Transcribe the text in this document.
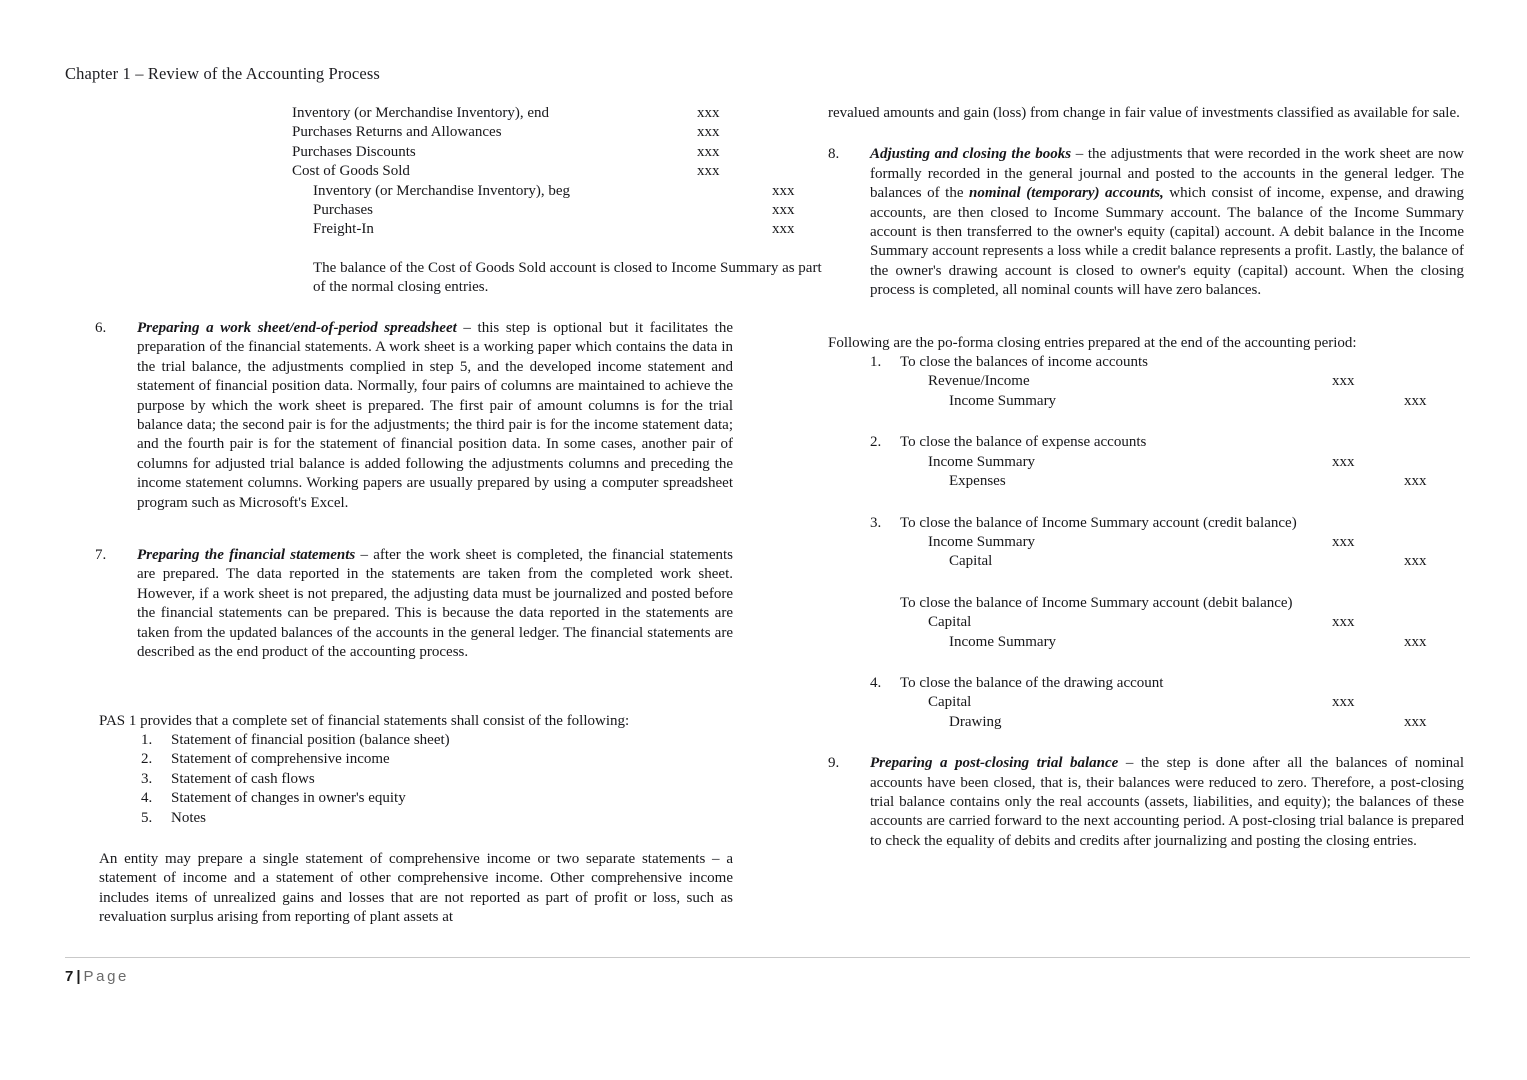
Chapter 1 – Review of the Accounting Process
Inventory (or Merchandise Inventory), end	xxx	
Purchases Returns and Allowances	xxx	
Purchases Discounts	xxx	
Cost of Goods Sold	xxx	
Inventory (or Merchandise Inventory), beg		xxx
Purchases		xxx
Freight-In		xxx
The balance of the Cost of Goods Sold account is closed to Income Summary as part of the normal closing entries.
6.	Preparing a work sheet/end-of-period spreadsheet – this step is optional but it facilitates the preparation of the financial statements. A work sheet is a working paper which contains the data in the trial balance, the adjustments complied in step 5, and the developed income statement and statement of financial position data. Normally, four pairs of columns are maintained to achieve the purpose by which the work sheet is prepared. The first pair of amount columns is for the trial balance data; the second pair is for the adjustments; the third pair is for the income statement data; and the fourth pair is for the statement of financial position data. In some cases, another pair of columns for adjusted trial balance is added following the adjustments columns and preceding the income statement columns. Working papers are usually prepared by using a computer spreadsheet program such as Microsoft's Excel.
7.	Preparing the financial statements – after the work sheet is completed, the financial statements are prepared. The data reported in the statements are taken from the completed work sheet. However, if a work sheet is not prepared, the adjusting data must be journalized and posted before the financial statements can be prepared. This is because the data reported in the statements are taken from the updated balances of the accounts in the general ledger. The financial statements are described as the end product of the accounting process.
PAS 1 provides that a complete set of financial statements shall consist of the following:
1.	Statement of financial position (balance sheet)
2.	Statement of comprehensive income
3.	Statement of cash flows
4.	Statement of changes in owner's equity
5.	Notes
An entity may prepare a single statement of comprehensive income or two separate statements – a statement of income and a statement of other comprehensive income. Other comprehensive income includes items of unrealized gains and losses that are not reported as part of profit or loss, such as revaluation surplus arising from reporting of plant assets at
revalued amounts and gain (loss) from change in fair value of investments classified as available for sale.
8.	Adjusting and closing the books – the adjustments that were recorded in the work sheet are now formally recorded in the general journal and posted to the accounts in the general ledger. The balances of the nominal (temporary) accounts, which consist of income, expense, and drawing accounts, are then closed to Income Summary account. The balance of the Income Summary account is then transferred to the owner's equity (capital) account. A debit balance in the Income Summary account represents a loss while a credit balance represents a profit. Lastly, the balance of the owner's drawing account is closed to owner's equity (capital) account. When the closing process is completed, all nominal counts will have zero balances.
Following are the po-forma closing entries prepared at the end of the accounting period:
1.	To close the balances of income accounts
Revenue/Income	xxx	
Income Summary		xxx
2.	To close the balance of expense accounts
Income Summary	xxx	
Expenses		xxx
3.	To close the balance of Income Summary account (credit balance)
Income Summary	xxx	
Capital		xxx
To close the balance of Income Summary account (debit balance)
Capital	xxx	
Income Summary		xxx
4.	To close the balance of the drawing account
Capital	xxx	
Drawing		xxx
9.	Preparing a post-closing trial balance – the step is done after all the balances of nominal accounts have been closed, that is, their balances were reduced to zero. Therefore, a post-closing trial balance contains only the real accounts (assets, liabilities, and equity); the balances of these accounts are carried forward to the next accounting period. A post-closing trial balance is prepared to check the equality of debits and credits after journalizing and posting the closing entries.
7 | Page
